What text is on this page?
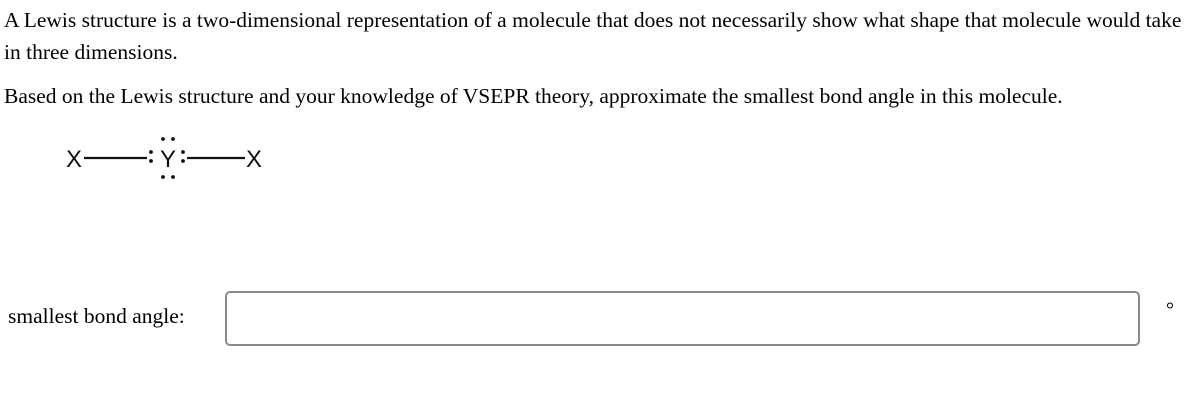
A Lewis structure is a two-dimensional representation of a molecule that does not necessarily show what shape that molecule would take in three dimensions.

Based on the Lewis structure and your knowledge of VSEPR theory, approximate the smallest bond angle in this molecule.

X	Y	X

smallest bond angle:	°
